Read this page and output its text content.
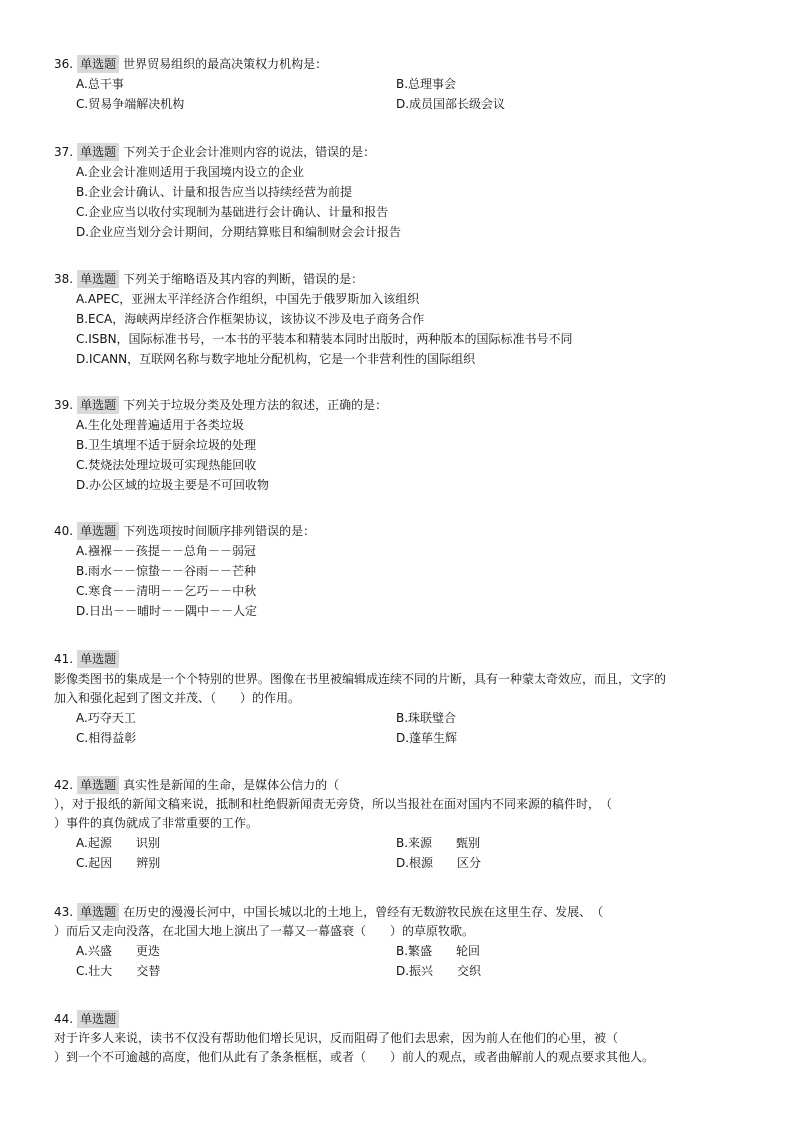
36. 单选题 世界贸易组织的最高决策权力机构是：
A.总干事	B.总理事会
C.贸易争端解决机构	D.成员国部长级会议
37. 单选题 下列关于企业会计准则内容的说法，错误的是：
A.企业会计准则适用于我国境内设立的企业
B.企业会计确认、计量和报告应当以持续经营为前提
C.企业应当以收付实现制为基础进行会计确认、计量和报告
D.企业应当划分会计期间，分期结算账目和编制财会会计报告
38. 单选题 下列关于缩略语及其内容的判断，错误的是：
A.APEC，亚洲太平洋经济合作组织，中国先于俄罗斯加入该组织
B.ECA，海峡两岸经济合作框架协议，该协议不涉及电子商务合作
C.ISBN，国际标准书号，一本书的平装本和精装本同时出版时，两种版本的国际标准书号不同
D.ICANN，互联网名称与数字地址分配机构，它是一个非营利性的国际组织
39. 单选题 下列关于垃圾分类及处理方法的叙述，正确的是：
A.生化处理普遍适用于各类垃圾
B.卫生填埋不适于厨余垃圾的处理
C.焚烧法处理垃圾可实现热能回收
D.办公区域的垃圾主要是不可回收物
40. 单选题 下列选项按时间顺序排列错误的是：
A.襁褓－－孩提－－总角－－弱冠
B.雨水－－惊蛰－－谷雨－－芒种
C.寒食－－清明－－乞巧－－中秋
D.日出－－晡时－－隅中－－人定
41. 单选题
影像类图书的集成是一个个特别的世界。图像在书里被编辑成连续不同的片断，具有一种蒙太奇效应，而且，文字的
加入和强化起到了图文并茂、（　　）的作用。
A.巧夺天工	B.珠联璧合
C.相得益彰	D.蓬荜生辉
42. 单选题 真实性是新闻的生命，是媒体公信力的（
），对于报纸的新闻文稿来说，抵制和杜绝假新闻责无旁贷，所以当报社在面对国内不同来源的稿件时，　（
）事件的真伪就成了非常重要的工作。
A.起源　　识别	B.来源　　甄别
C.起因　　辨别	D.根源　　区分
43. 单选题 在历史的漫漫长河中，中国长城以北的土地上，曾经有无数游牧民族在这里生存、发展、　（
）而后又走向没落，在北国大地上演出了一幕又一幕盛衰（　　）的草原牧歌。
A.兴盛　　更迭	B.繁盛　　轮回
C.壮大　　交替	D.振兴　　交织
44. 单选题
对于许多人来说，读书不仅没有帮助他们增长见识，反而阻碍了他们去思索，因为前人在他们的心里，被（
）到一个不可逾越的高度，他们从此有了条条框框，或者（　　）前人的观点，或者曲解前人的观点要求其他人。
